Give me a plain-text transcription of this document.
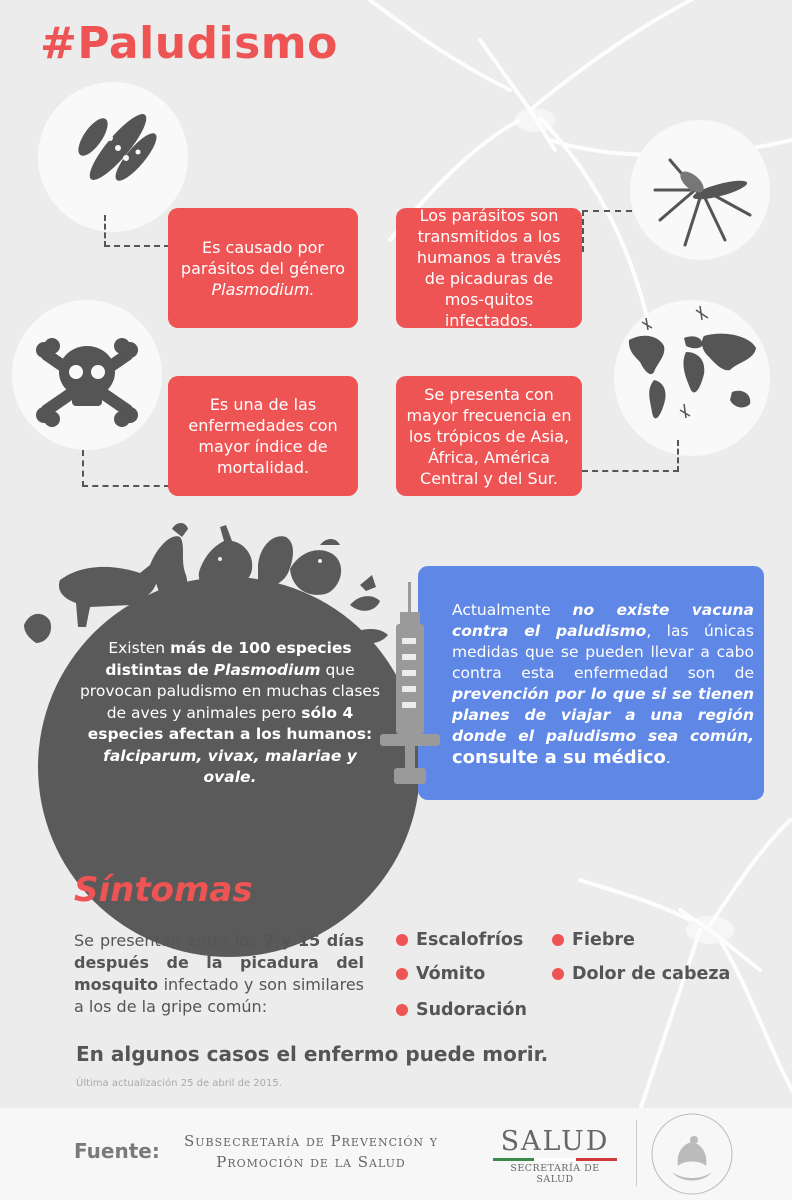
#Paludismo
Es causado por parásitos del género Plasmodium.
Los parásitos son transmitidos a los humanos a través de picaduras de mos-quitos infectados.
Es una de las enfermedades con mayor índice de mortalidad.
Se presenta con mayor frecuencia en los trópicos de Asia, África, América Central y del Sur.
Existen más de 100 especies distintas de Plasmodium que provocan paludismo en muchas clases de aves y animales pero sólo 4 especies afectan a los humanos: falciparum, vivax, malariae y ovale.
Actualmente no existe vacuna contra el paludismo, las únicas medidas que se pueden llevar a cabo contra esta enfermedad son de prevención por lo que si se tienen planes de viajar a una región donde el paludismo sea común, consulte a su médico.
Síntomas
Se presentan entre los 7 y 15 días después de la picadura del mosquito infectado y son similares a los de la gripe común:
Escalofríos	Fiebre
Vómito	Dolor de cabeza
Sudoración
En algunos casos el enfermo puede morir.
Última actualización 25 de abril de 2015.
Fuente: Subsecretaría de Prevención y
Promoción de la Salud
SALUD
SECRETARÍA DE SALUD
